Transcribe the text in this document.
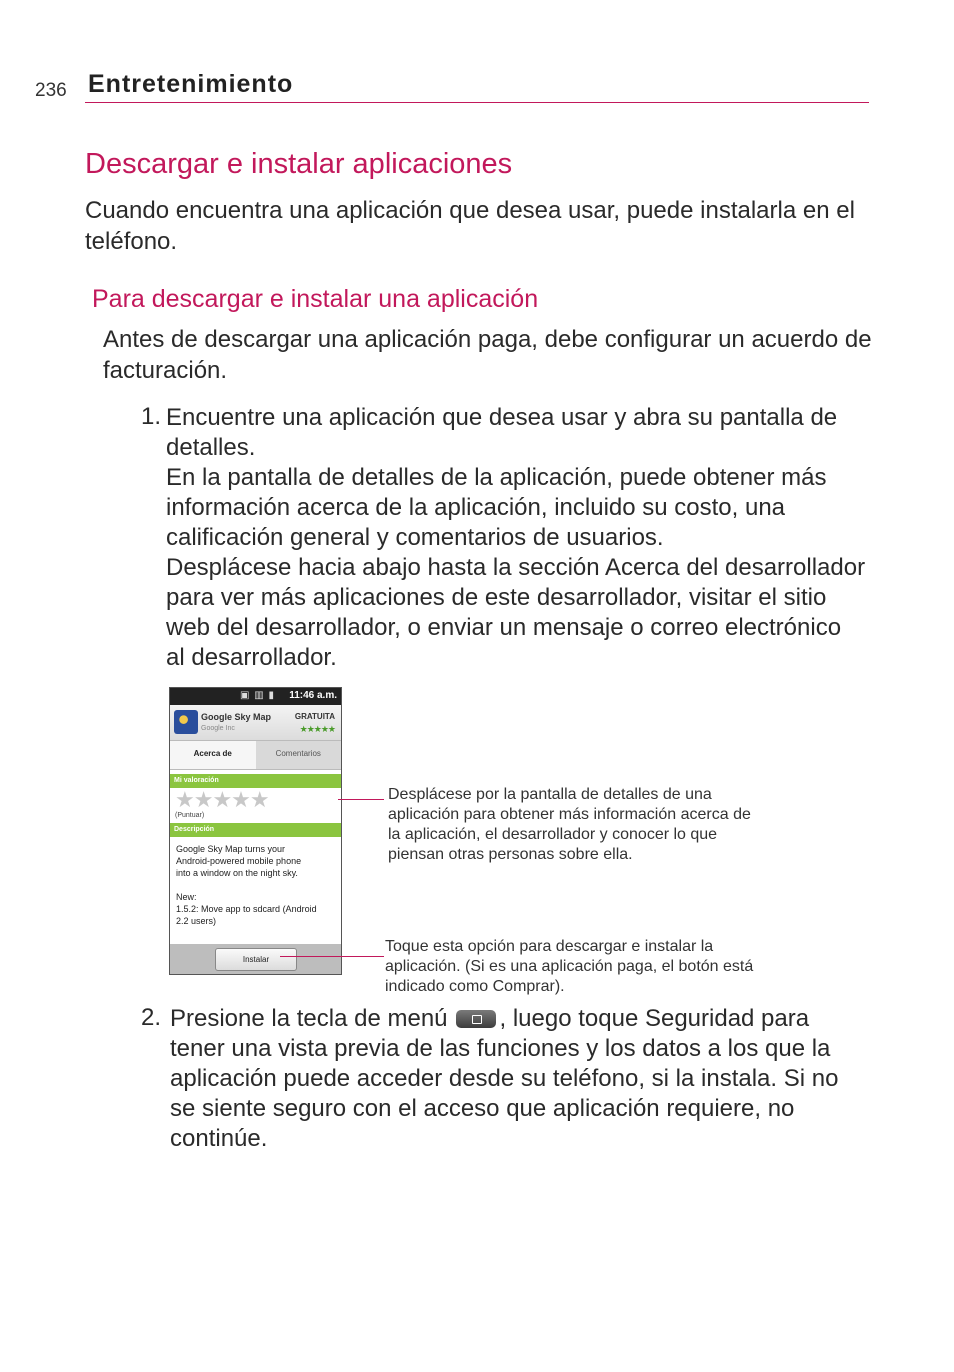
236 Entretenimiento
Descargar e instalar aplicaciones
Cuando encuentra una aplicación que desea usar, puede instalarla en el teléfono.
Para descargar e instalar una aplicación
Antes de descargar una aplicación paga, debe configurar un acuerdo de facturación.
1. Encuentre una aplicación que desea usar y abra su pantalla de detalles.

En la pantalla de detalles de la aplicación, puede obtener más información acerca de la aplicación, incluido su costo, una calificación general y comentarios de usuarios.

Desplácese hacia abajo hasta la sección Acerca del desarrollador para ver más aplicaciones de este desarrollador, visitar el sitio web del desarrollador, o enviar un mensaje o correo electrónico al desarrollador.

▣ ▥ ▮ 11:46 a.m.
Google Sky Map
Google Inc
GRATUITA
★★★★★
Acerca de	Comentarios
Mi valoración
★★★★★
(Puntuar)
Descripción
Google Sky Map turns your
Android-powered mobile phone
into a window on the night sky.

New:
1.5.2: Move app to sdcard (Android
2.2 users)
Instalar
Desplácese por la pantalla de detalles de una aplicación para obtener más información acerca de la aplicación, el desarrollador y conocer lo que piensan otras personas sobre ella.
Toque esta opción para descargar e instalar la aplicación. (Si es una aplicación paga, el botón está indicado como Comprar).
2. Presione la tecla de menú , luego toque Seguridad para tener una vista previa de las funciones y los datos a los que la aplicación puede acceder desde su teléfono, si la instala. Si no se siente seguro con el acceso que aplicación requiere, no continúe.
